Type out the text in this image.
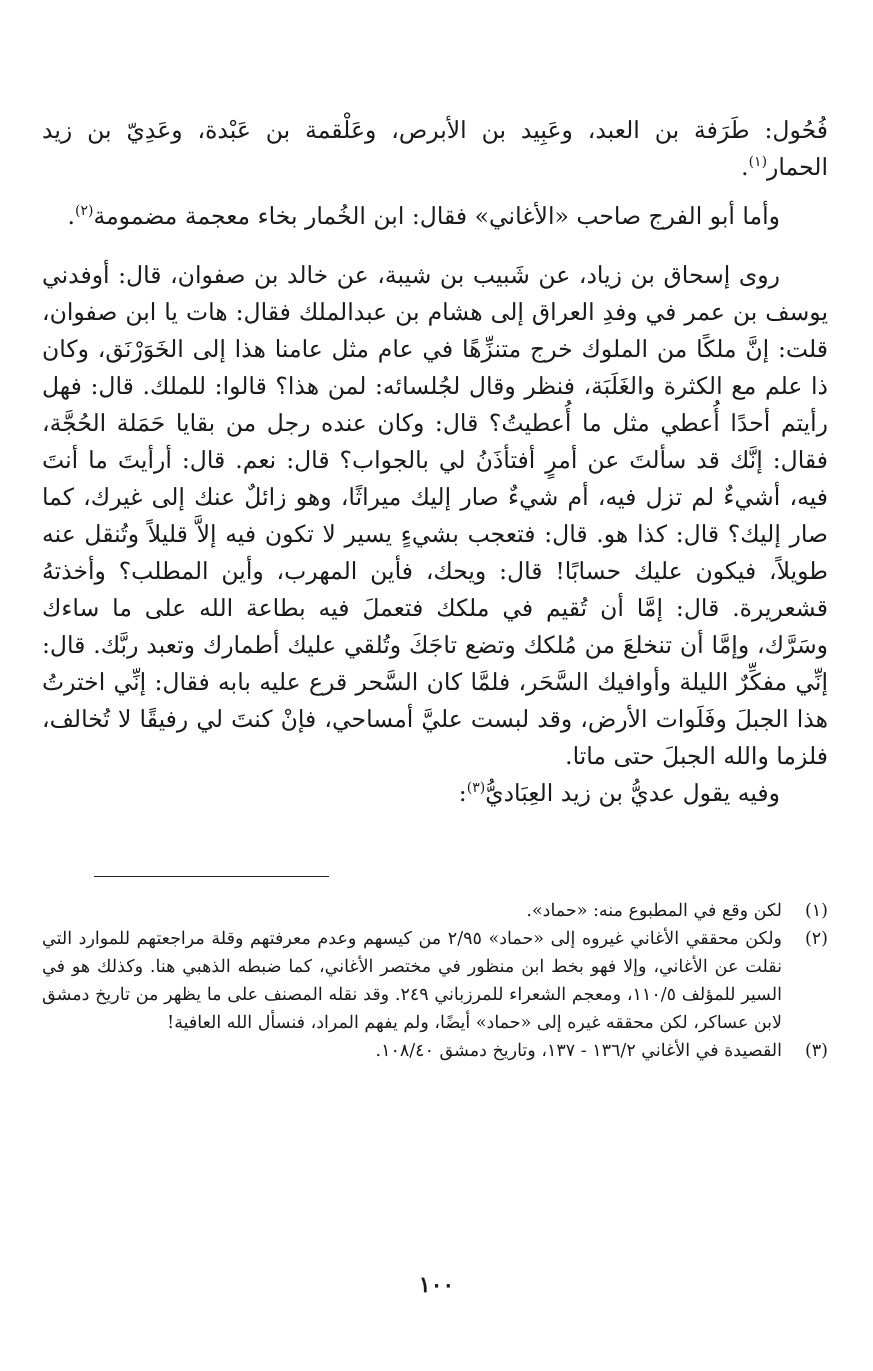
فُحُول: طَرَفة بن العبد، وعَبِيد بن الأبرص، وعَلْقمة بن عَبْدة، وعَدِيّ بن زيد الحمار$^{(١)}$.

وأما أبو الفرج صاحب «الأغاني» فقال: ابن الخُمار بخاء معجمة مضمومة$^{(٢)}$.

روى إسحاق بن زياد، عن شَبيب بن شيبة، عن خالد بن صفوان، قال: أوفدني يوسف بن عمر في وفدِ العراق إلى هشام بن عبدالملك فقال: هات يا ابن صفوان، قلت: إنَّ ملكًا من الملوك خرج متنزِّهًا في عام مثل عامنا هذا إلى الخَوَرْنَق، وكان ذا علم مع الكثرة والغَلَبَة، فنظر وقال لجُلسائه: لمن هذا؟ قالوا: للملك. قال: فهل رأيتم أحدًا أُعطي مثل ما أُعطيتُ؟ قال: وكان عنده رجل من بقايا حَمَلة الحُجَّة، فقال: إنَّك قد سألتَ عن أمرٍ أفتأذَنُ لي بالجواب؟ قال: نعم. قال: أرأيتَ ما أنتَ فيه، أشيءٌ لم تزل فيه، أم شيءٌ صار إليك ميراثًا، وهو زائلٌ عنك إلى غيرك، كما صار إليك؟ قال: كذا هو. قال: فتعجب بشيءٍ يسير لا تكون فيه إلاَّ قليلاً وتُنقل عنه طويلاً، فيكون عليك حسابًا! قال: ويحك، فأين المهرب، وأين المطلب؟ وأخذتهُ قشعريرة. قال: إمَّا أن تُقيم في ملكك فتعملَ فيه بطاعة الله على ما ساءك وسَرَّك، وإمَّا أن تنخلعَ من مُلكك وتضع تاجَكَ وتُلقي عليك أطمارك وتعبد ربَّك. قال: إنِّي مفكِّرٌ الليلة وأوافيك السَّحَر، فلمَّا كان السَّحر قرع عليه بابه فقال: إنِّي اخترتُ هذا الجبلَ وفَلَوات الأرض، وقد لبست عليَّ أمساحي، فإنْ كنتَ لي رفيقًا لا تُخالف، فلزما والله الجبلَ حتى ماتا.

وفيه يقول عديُّ بن زيد العِبَاديُّ$^{(٣)}$:

(١)
لكن وقع في المطبوع منه: «حماد».
(٢)
ولكن محققي الأغاني غيروه إلى «حماد» ٢/٩٥ من كيسهم وعدم معرفتهم وقلة مراجعتهم للموارد التي نقلت عن الأغاني، وإلا فهو بخط ابن منظور في مختصر الأغاني، كما ضبطه الذهبي هنا. وكذلك هو في السير للمؤلف ١١٠/٥، ومعجم الشعراء للمرزباني ٢٤٩. وقد نقله المصنف على ما يظهر من تاريخ دمشق لابن عساكر، لكن محققه غيره إلى «حماد» أيضًا، ولم يفهم المراد، فنسأل الله العافية!
(٣)
القصيدة في الأغاني ١٣٦/٢ - ١٣٧، وتاريخ دمشق ١٠٨/٤٠.
١٠٠
